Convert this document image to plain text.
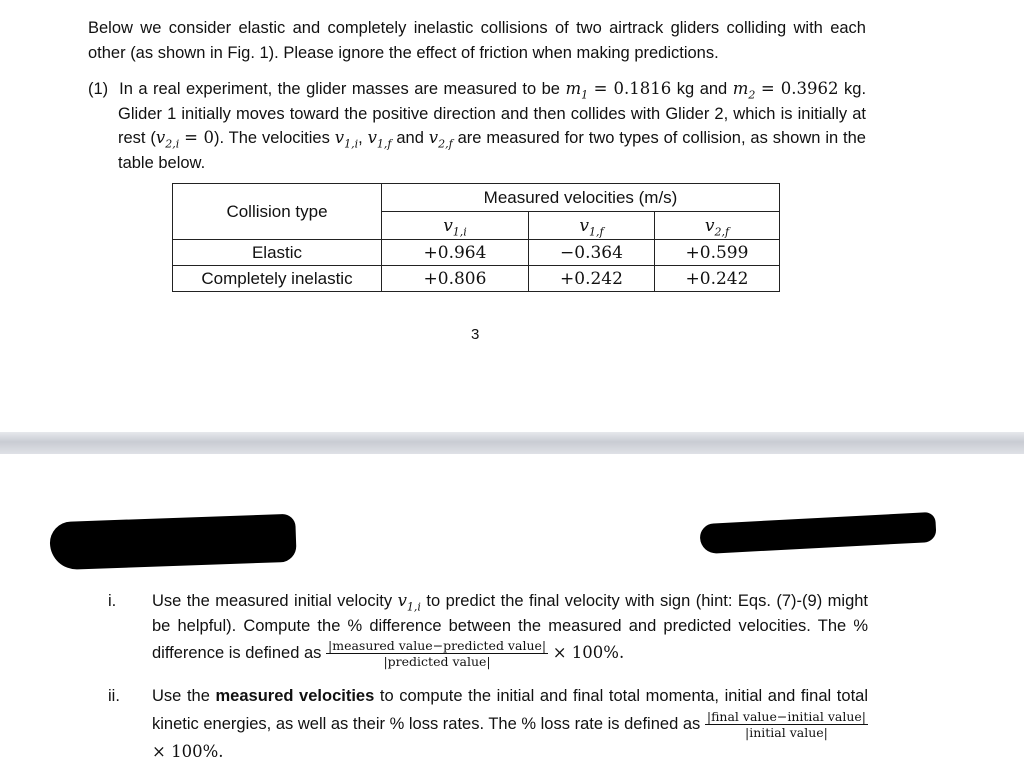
Below we consider elastic and completely inelastic collisions of two airtrack gliders colliding with each other (as shown in Fig. 1). Please ignore the effect of friction when making predictions.

(1) In a real experiment, the glider masses are measured to be $m_1 = 0.1816$ kg and $m_2 = 0.3962$ kg. Glider 1 initially moves toward the positive direction and then collides with Glider 2, which is initially at rest $(v_{2,i} = 0)$. The velocities $v_{1,i}$, $v_{1,f}$ and $v_{2,f}$ are measured for two types of collision, as shown in the table below.

Collision type	Measured velocities (m/s)		
	$v_{1,i}$	$v_{1,f}$	$v_{2,f}$
Elastic	+0.964	−0.364	+0.599
Completely inelastic	+0.806	+0.242	+0.242
3
i. Use the measured initial velocity $v_{1,i}$ to predict the final velocity with sign (hint: Eqs. (7)-(9) might be helpful). Compute the % difference between the measured and predicted velocities. The % difference is defined as $\frac{\text{|measured value−predicted value|}}{\text{|predicted value|}} \times 100\%$.
ii. Use the measured velocities to compute the initial and final total momenta, initial and final total kinetic energies, as well as their % loss rates. The % loss rate is defined as $\frac{\text{|final value−initial value|}}{\text{|initial value|}}$
× 100%.
